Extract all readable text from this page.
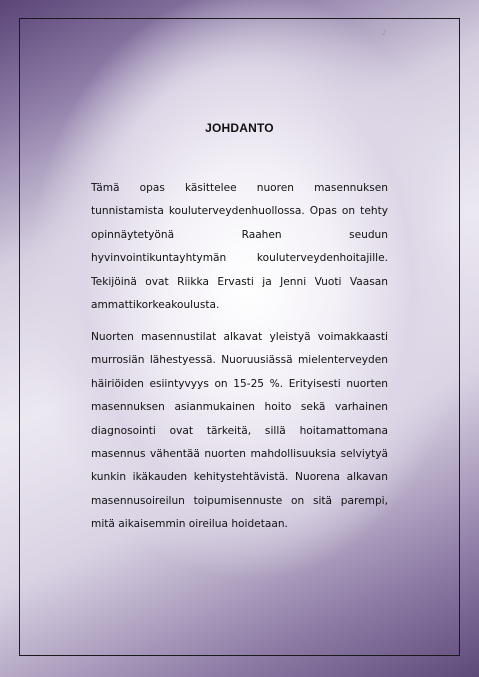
2
JOHDANTO
Tämä opas käsittelee nuoren masennuksen
tunnistamista kouluterveydenhuollossa. Opas on tehty
opinnäytetyönä Raahen seudun
hyvinvointikuntayhtymän kouluterveydenhoitajille.
Tekijöinä ovat Riikka Ervasti ja Jenni Vuoti Vaasan
ammattikorkeakoulusta.
Nuorten masennustilat alkavat yleistyä voimakkaasti
murrosiän lähestyessä. Nuoruusiässä mielenterveyden
häiriöiden esiintyvyys on 15-25 %. Erityisesti nuorten
masennuksen asianmukainen hoito sekä varhainen
diagnosointi ovat tärkeitä, sillä hoitamattomana
masennus vähentää nuorten mahdollisuuksia selviytyä
kunkin ikäkauden kehitystehtävistä. Nuorena alkavan
masennusoireilun toipumisennuste on sitä parempi,
mitä aikaisemmin oireilua hoidetaan.
